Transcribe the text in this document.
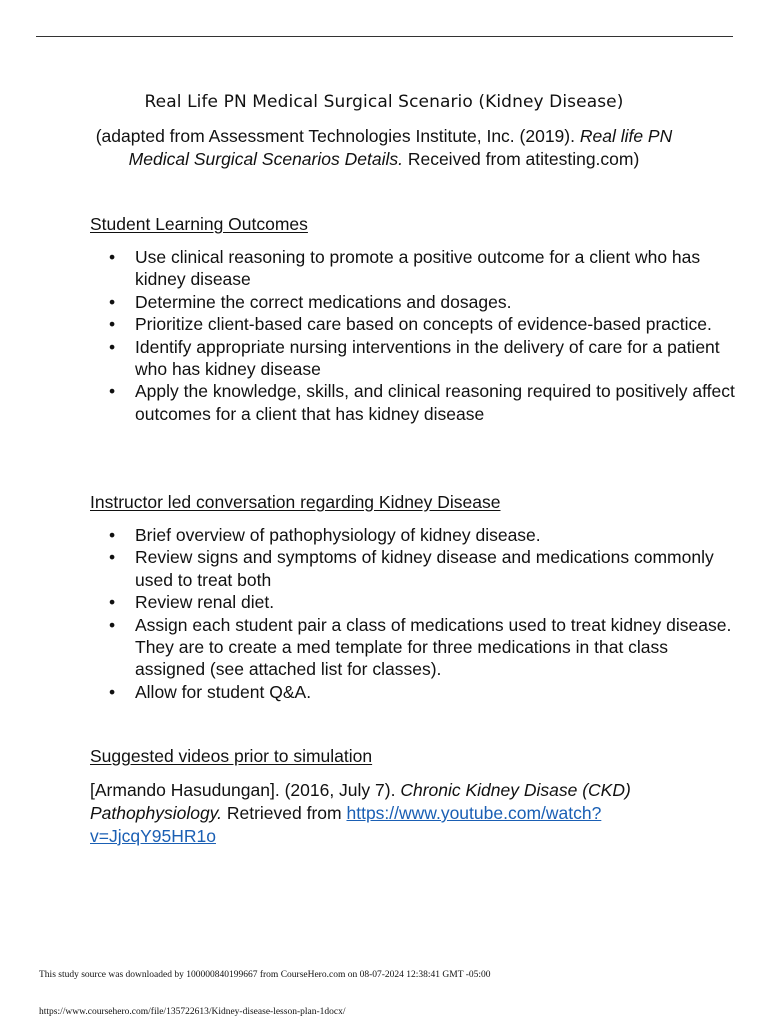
Real Life PN Medical Surgical Scenario (Kidney Disease)
(adapted from Assessment Technologies Institute, Inc. (2019). Real life PN Medical Surgical Scenarios Details. Received from atitesting.com)
Student Learning Outcomes
• Use clinical reasoning to promote a positive outcome for a client who has kidney disease
• Determine the correct medications and dosages.
• Prioritize client-based care based on concepts of evidence-based practice.
• Identify appropriate nursing interventions in the delivery of care for a patient who has kidney disease
• Apply the knowledge, skills, and clinical reasoning required to positively affect outcomes for a client that has kidney disease
Instructor led conversation regarding Kidney Disease
• Brief overview of pathophysiology of kidney disease.
• Review signs and symptoms of kidney disease and medications commonly used to treat both
• Review renal diet.
• Assign each student pair a class of medications used to treat kidney disease. They are to create a med template for three medications in that class assigned (see attached list for classes).
• Allow for student Q&A.
Suggested videos prior to simulation
[Armando Hasudungan]. (2016, July 7). Chronic Kidney Disase (CKD) Pathophysiology. Retrieved from https://www.youtube.com/watch?v=JjcqY95HR1o
This study source was downloaded by 100000840199667 from CourseHero.com on 08-07-2024 12:38:41 GMT -05:00
https://www.coursehero.com/file/135722613/Kidney-disease-lesson-plan-1docx/
